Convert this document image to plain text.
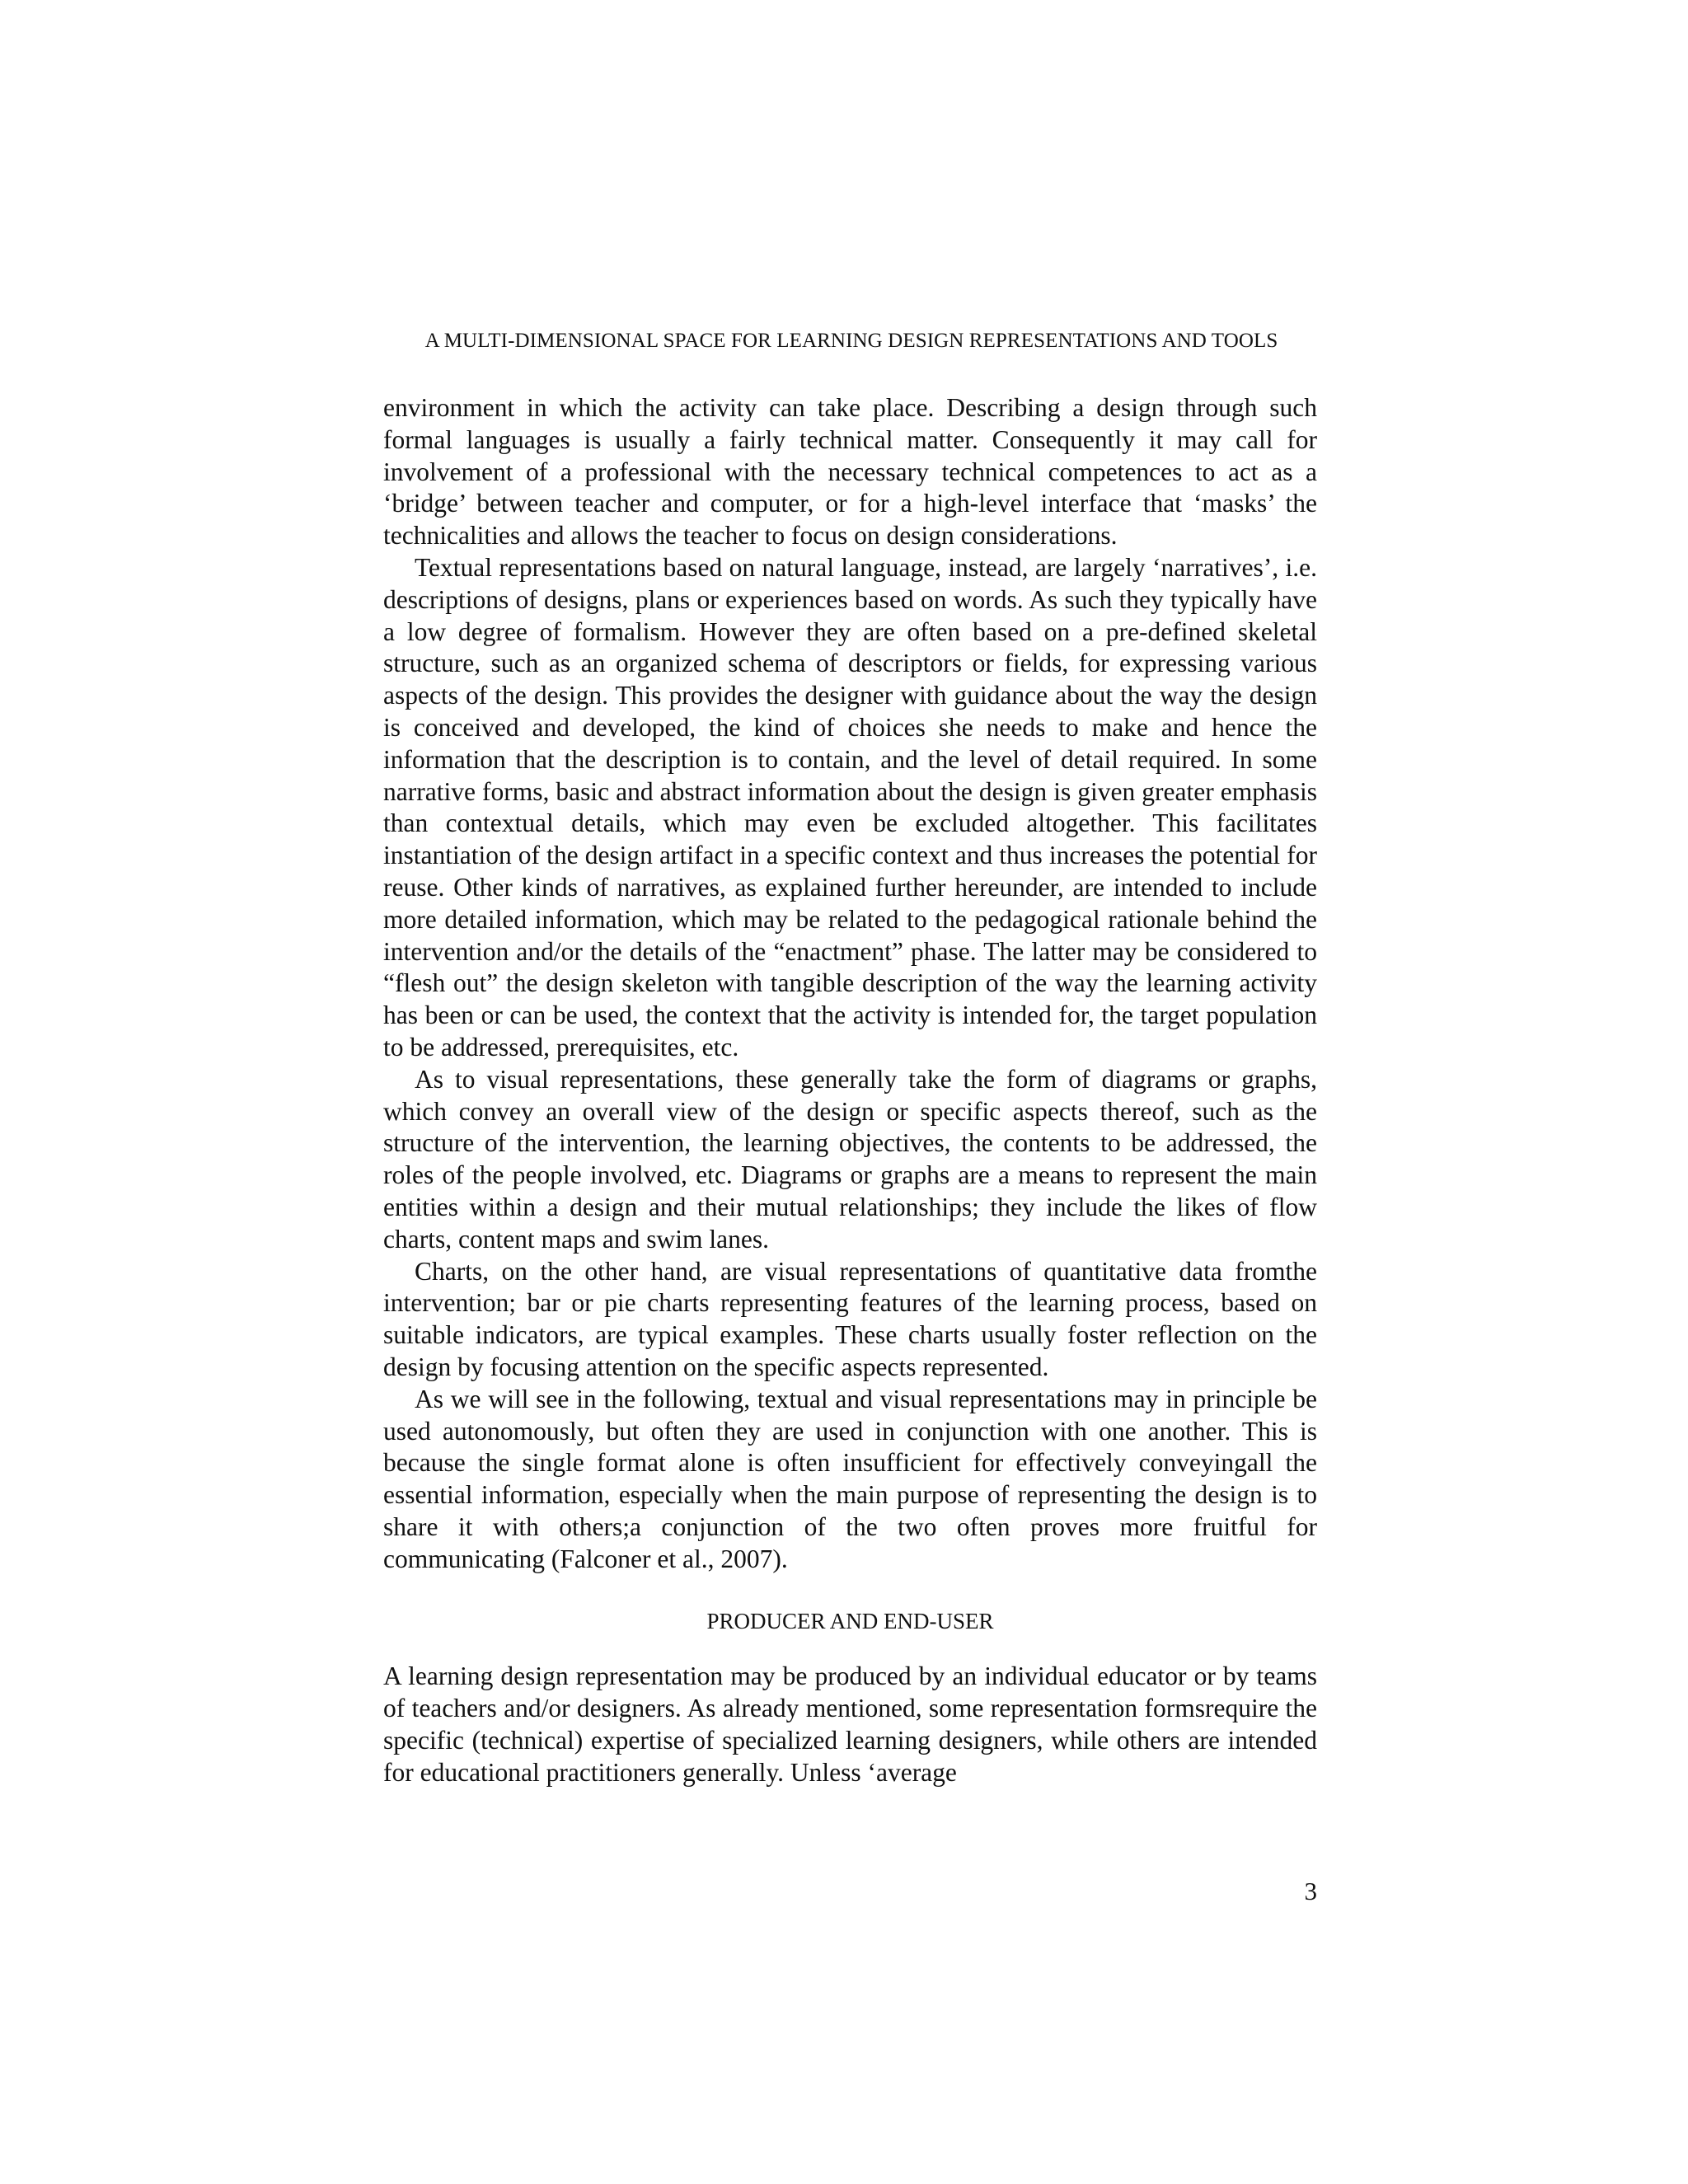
A MULTI-DIMENSIONAL SPACE FOR LEARNING DESIGN REPRESENTATIONS AND TOOLS

environment in which the activity can take place. Describing a design through such formal languages is usually a fairly technical matter. Consequently it may call for involvement of a professional with the necessary technical competences to act as a ‘bridge’ between teacher and computer, or for a high-level interface that ‘masks’ the technicalities and allows the teacher to focus on design considerations.

Textual representations based on natural language, instead, are largely ‘narratives’, i.e. descriptions of designs, plans or experiences based on words. As such they typically have a low degree of formalism. However they are often based on a pre-defined skeletal structure, such as an organized schema of descriptors or fields, for expressing various aspects of the design. This provides the designer with guidance about the way the design is conceived and developed, the kind of choices she needs to make and hence the information that the description is to contain, and the level of detail required. In some narrative forms, basic and abstract information about the design is given greater emphasis than contextual details, which may even be excluded altogether. This facilitates instantiation of the design artifact in a specific context and thus increases the potential for reuse. Other kinds of narratives, as explained further hereunder, are intended to include more detailed information, which may be related to the pedagogical rationale behind the intervention and/or the details of the “enactment” phase. The latter may be considered to “flesh out” the design skeleton with tangible description of the way the learning activity has been or can be used, the context that the activity is intended for, the target population to be addressed, prerequisites, etc.

As to visual representations, these generally take the form of diagrams or graphs, which convey an overall view of the design or specific aspects thereof, such as the structure of the intervention, the learning objectives, the contents to be addressed, the roles of the people involved, etc. Diagrams or graphs are a means to represent the main entities within a design and their mutual relationships; they include the likes of flow charts, content maps and swim lanes.

Charts, on the other hand, are visual representations of quantitative data fromthe intervention; bar or pie charts representing features of the learning process, based on suitable indicators, are typical examples. These charts usually foster reflection on the design by focusing attention on the specific aspects represented.

As we will see in the following, textual and visual representations may in principle be used autonomously, but often they are used in conjunction with one another. This is because the single format alone is often insufficient for effectively conveyingall the essential information, especially when the main purpose of representing the design is to share it with others;a conjunction of the two often proves more fruitful for communicating (Falconer et al., 2007).

PRODUCER AND END-USER

A learning design representation may be produced by an individual educator or by teams of teachers and/or designers. As already mentioned, some representation formsrequire the specific (technical) expertise of specialized learning designers, while others are intended for educational practitioners generally. Unless ‘average

3
